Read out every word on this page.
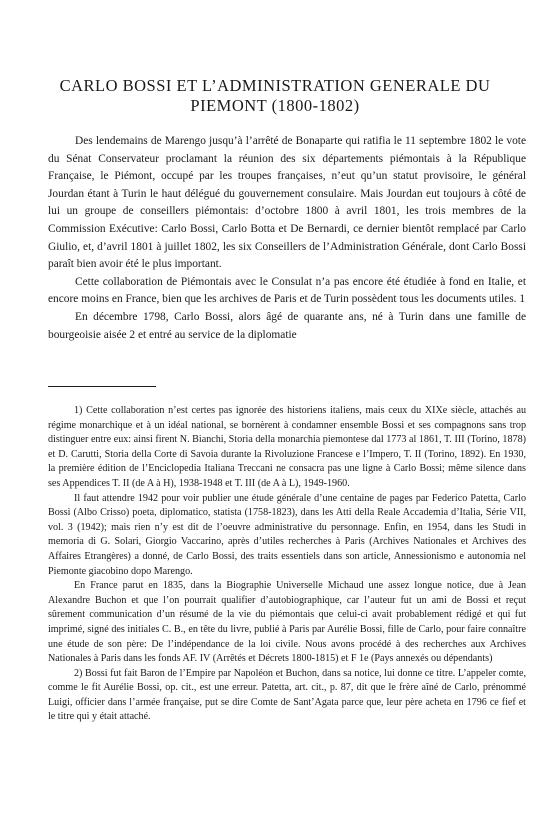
CARLO BOSSI ET L’ADMINISTRATION GENERALE DU
PIEMONT (1800-1802)

Des lendemains de Marengo jusqu’à l’arrêté de Bonaparte qui ratifia le 11 septembre 1802 le vote du Sénat Conservateur proclamant la réunion des six départements piémontais à la République Française, le Piémont, occupé par les troupes françaises, n’eut qu’un statut provisoire, le général Jourdan étant à Turin le haut délégué du gouvernement consulaire. Mais Jourdan eut toujours à côté de lui un groupe de conseillers piémontais: d’octobre 1800 à avril 1801, les trois membres de la Commission Exécutive: Carlo Bossi, Carlo Botta et De Bernardi, ce dernier bientôt remplacé par Carlo Giulio, et, d’avril 1801 à juillet 1802, les six Conseillers de l’Administration Générale, dont Carlo Bossi paraît bien avoir été le plus important.

Cette collaboration de Piémontais avec le Consulat n’a pas encore été étudiée à fond en Italie, et encore moins en France, bien que les archives de Paris et de Turin possèdent tous les documents utiles. 1

En décembre 1798, Carlo Bossi, alors âgé de quarante ans, né à Turin dans une famille de bourgeoisie aisée 2 et entré au service de la diplomatie

1) Cette collaboration n’est certes pas ignorée des historiens italiens, mais ceux du XIXe siècle, attachés au régime monarchique et à un idéal national, se bornèrent à condamner ensemble Bossi et ses compagnons sans trop distinguer entre eux: ainsi firent N. Bianchi, Storia della monarchia piemontese dal 1773 al 1861, T. III (Torino, 1878) et D. Carutti, Storia della Corte di Savoia durante la Rivoluzione Francese e l’Impero, T. II (Torino, 1892). En 1930, la première édition de l’Enciclopedia Italiana Treccani ne consacra pas une ligne à Carlo Bossi; même silence dans ses Appendices T. II (de A à H), 1938-1948 et T. III (de A à L), 1949-1960.

Il faut attendre 1942 pour voir publier une étude générale d’une centaine de pages par Federico Patetta, Carlo Bossi (Albo Crisso) poeta, diplomatico, statista (1758-1823), dans les Atti della Reale Accademia d’Italia, Série VII, vol. 3 (1942); mais rien n’y est dit de l’oeuvre administrative du personnage. Enfin, en 1954, dans les Studi in memoria di G. Solari, Giorgio Vaccarino, après d’utiles recherches à Paris (Archives Nationales et Archives des Affaires Etrangères) a donné, de Carlo Bossi, des traits essentiels dans son article, Annessionismo e autonomia nel Piemonte giacobino dopo Marengo.

En France parut en 1835, dans la Biographie Universelle Michaud une assez longue notice, due à Jean Alexandre Buchon et que l’on pourrait qualifier d’autobiographique, car l’auteur fut un ami de Bossi et reçut sûrement communication d’un résumé de la vie du piémontais que celui-ci avait probablement rédigé et qui fut imprimé, signé des initiales C. B., en tête du livre, publié à Paris par Aurélie Bossi, fille de Carlo, pour faire connaître une étude de son père: De l’indépendance de la loi civile. Nous avons procédé à des recherches aux Archives Nationales à Paris dans les fonds AF. IV (Arrêtés et Décrets 1800-1815) et F 1e (Pays annexés ou dépendants)

2) Bossi fut fait Baron de l’Empire par Napoléon et Buchon, dans sa notice, lui donne ce titre. L’appeler comte, comme le fit Aurélie Bossi, op. cit., est une erreur. Patetta, art. cit., p. 87, dit que le frère aîné de Carlo, prénommé Luigi, officier dans l’armée française, put se dire Comte de Sant’Agata parce que, leur père acheta en 1796 ce fief et le titre qui y était attaché.
